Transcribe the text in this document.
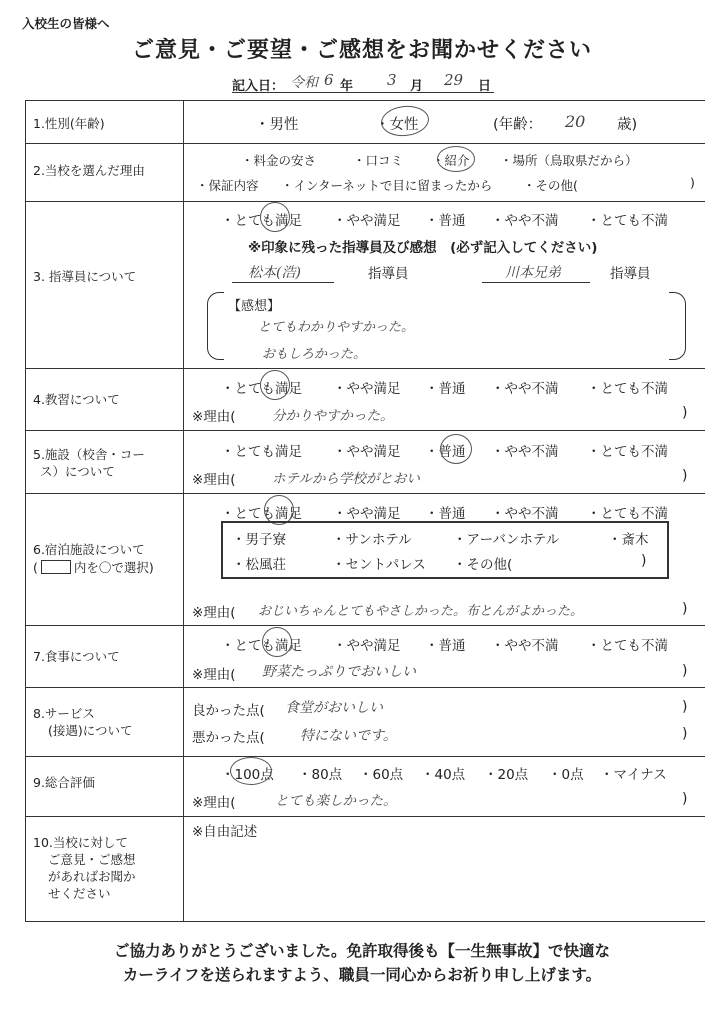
入校生の皆様へ
ご意見・ご要望・ご感想をお聞かせください
記入日： 令和 6 年 3 月 29 日
1.性別(年齢)	・男性	・女性	(年齢： 20 歳)
2.当校を選んだ理由
・料金の安さ	・口コミ ・紹介 ・場所（鳥取県だから）
・保証内容 ・インターネットで目に留まったから ・その他(	)
3. 指導員について
・とても満足 ・やや満足 ・普通 ・やや不満 ・とても不満
※印象に残った指導員及び感想　(必ず記入してください)
松本(浩)	指導員	川本兄弟	指導員
【感想】
とてもわかりやすかった。
おもしろかった。
4.教習について
・とても満足 ・やや満足 ・普通 ・やや不満 ・とても不満
※理由(	分かりやすかった。	)
5.施設（校舎・コー
ス）について
・とても満足 ・やや満足 ・普通 ・やや不満 ・とても不満
※理由(	ホテルから学校がとおい	)
6.宿泊施設について
(	内を〇で選択)
・とても満足 ・やや満足 ・普通 ・やや不満 ・とても不満
・男子寮	・サンホテル	・アーバンホテル	・斎木
・松風荘	・セントパレス ・その他(	)
※理由( おじいちゃんとてもやさしかった。布とんがよかった。	)
7.食事について
・とても満足 ・やや満足 ・普通 ・やや不満 ・とても不満
※理由( 野菜たっぷりでおいしい	)
8.サービス
(接遇)について
良かった点( 食堂がおいしい	)
悪かった点(	特にないです。	)
9.総合評価	・100点 ・80点 ・60点 ・40点 ・20点 ・0点 ・マイナス
※理由(	とても楽しかった。	)
10.当校に対して
ご意見・ご感想
があればお聞か
せください
※自由記述
ご協力ありがとうございました。免許取得後も【一生無事故】で快適な
カーライフを送られますよう、職員一同心からお祈り申し上げます。
